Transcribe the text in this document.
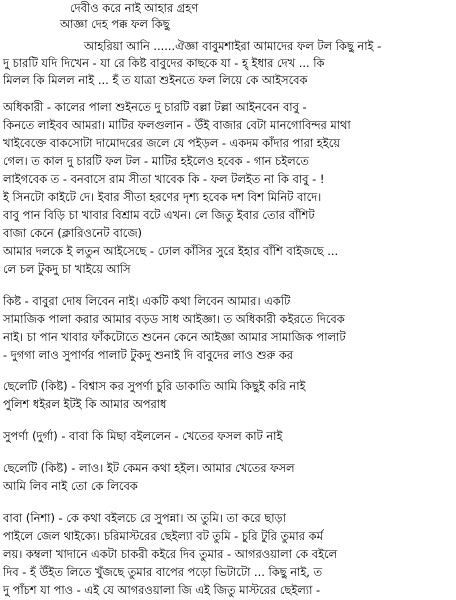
দেবীও করে নাই আহার গ্রহণ
আজ্ঞা দেহ পক্ক ফল কিছু
আহরিয়া আনি ......ঐজ্ঞা বাবুমশাইরা আমাদের ফল টল কিছু নাই -
দু চারটি যদি দিখেন - যা রে কিষ্ট বাবুদের কাছকে যা - হ্ ইধার দেখ ... কি
মিলল কি মিলল নাই ... হঁ ত যাত্রা শুইনতে ফল লিয়ে কে আইসবেক
অধিকারী - কালের পালা শুইনতে দু চারটি বল্লা টল্লা আইনবেন বাবু -
কিনতে লাইবব আমরা। মাটির ফলগুলান - উঁই বাজার বেটা মানগোবিন্দর মাথা
খাইবেক্তে বাকসোটা দামোদরের জলে যে পইড়ল - একদম কাঁদার পারা হইয়ে
গেল। ত কাল দু চারটি ফল টল - মাটির হইলেও হবেক - গান চইলতে
লাইগবেক ত - বনবাসে রাম সীতা খাবেক কি - ফল টলইত না কি বাবু - !
ই সিনটো কাইটে দে। ইবার সীতা হরণের দৃশ্য হবেক দশ বিশ মিনিট বাদে।
বাবু পান বিড়ি চা খাবার বিশ্রাম বটে এখন। লে জিতু ইবার তোর বাঁশিট
বাজা কেনে (ক্লারিওনেট বাজে)
আমার দলকে ই লতুন আইসেছে - ঢোল কাঁসির সুরে ইহার বাঁশি বাইজছে ...
লে চল টুকদু চা খাইয়ে আসি
কিষ্ট - বাবুরা দোষ লিবেন নাই। একটি কথা লিবেন আমার। একটি
সামাজিক পালা করার আমার বড়ড সাধ আইজ্ঞা। ত অধিকারী কইরতে দিবেক
নাই। চা পান খাবার ফাঁকটোতে শুনেন কেনে আইজ্ঞা আমার সামাজিক পালাট
- দুগগা লাও সুপার্ণর পালাট টুকদু শুনাই দি বাবুদের লাও শুরু কর
ছেলেটি (কিষ্ট) - বিশ্বাস কর সুপর্ণা চুরি ডাকাতি আমি কিছুই করি নাই
পুলিশ ধইরল ইটই কি আমার অপরাধ
সুপর্ণা (দুর্গা) - বাবা কি মিছা বইললেন - খেতের ফসল কাট নাই
ছেলেটি (কিষ্ট) - লাও। ইট কেমন কথা হইল। আমার খেতের ফসল
আমি লিব নাই তো কে লিবেক
বাবা (নিশা) - কে কথা বইলচে রে সুপন্না। অ তুমি। তা করে ছাড়া
পাইলে জেল থাইক্যে। চরিমাস্টরের ছেইল্যা বট তুমি - চুরি টুরি তুমার কর্ম
লয়। কম্বলা খাদানে একটা চাকরী কইরে দিব তুমার - আগরওয়ালা কে বইলে
দিব - হঁ উঁইত লিতে খুঁজছে তুমার বাপের পড়ো ভিটাটো ... কিছু নাই, ত
দু পাঁচশ যা পাও - এই যে আগরওয়ালা জি এই জিতু মাস্টরের ছেইল্যা -
